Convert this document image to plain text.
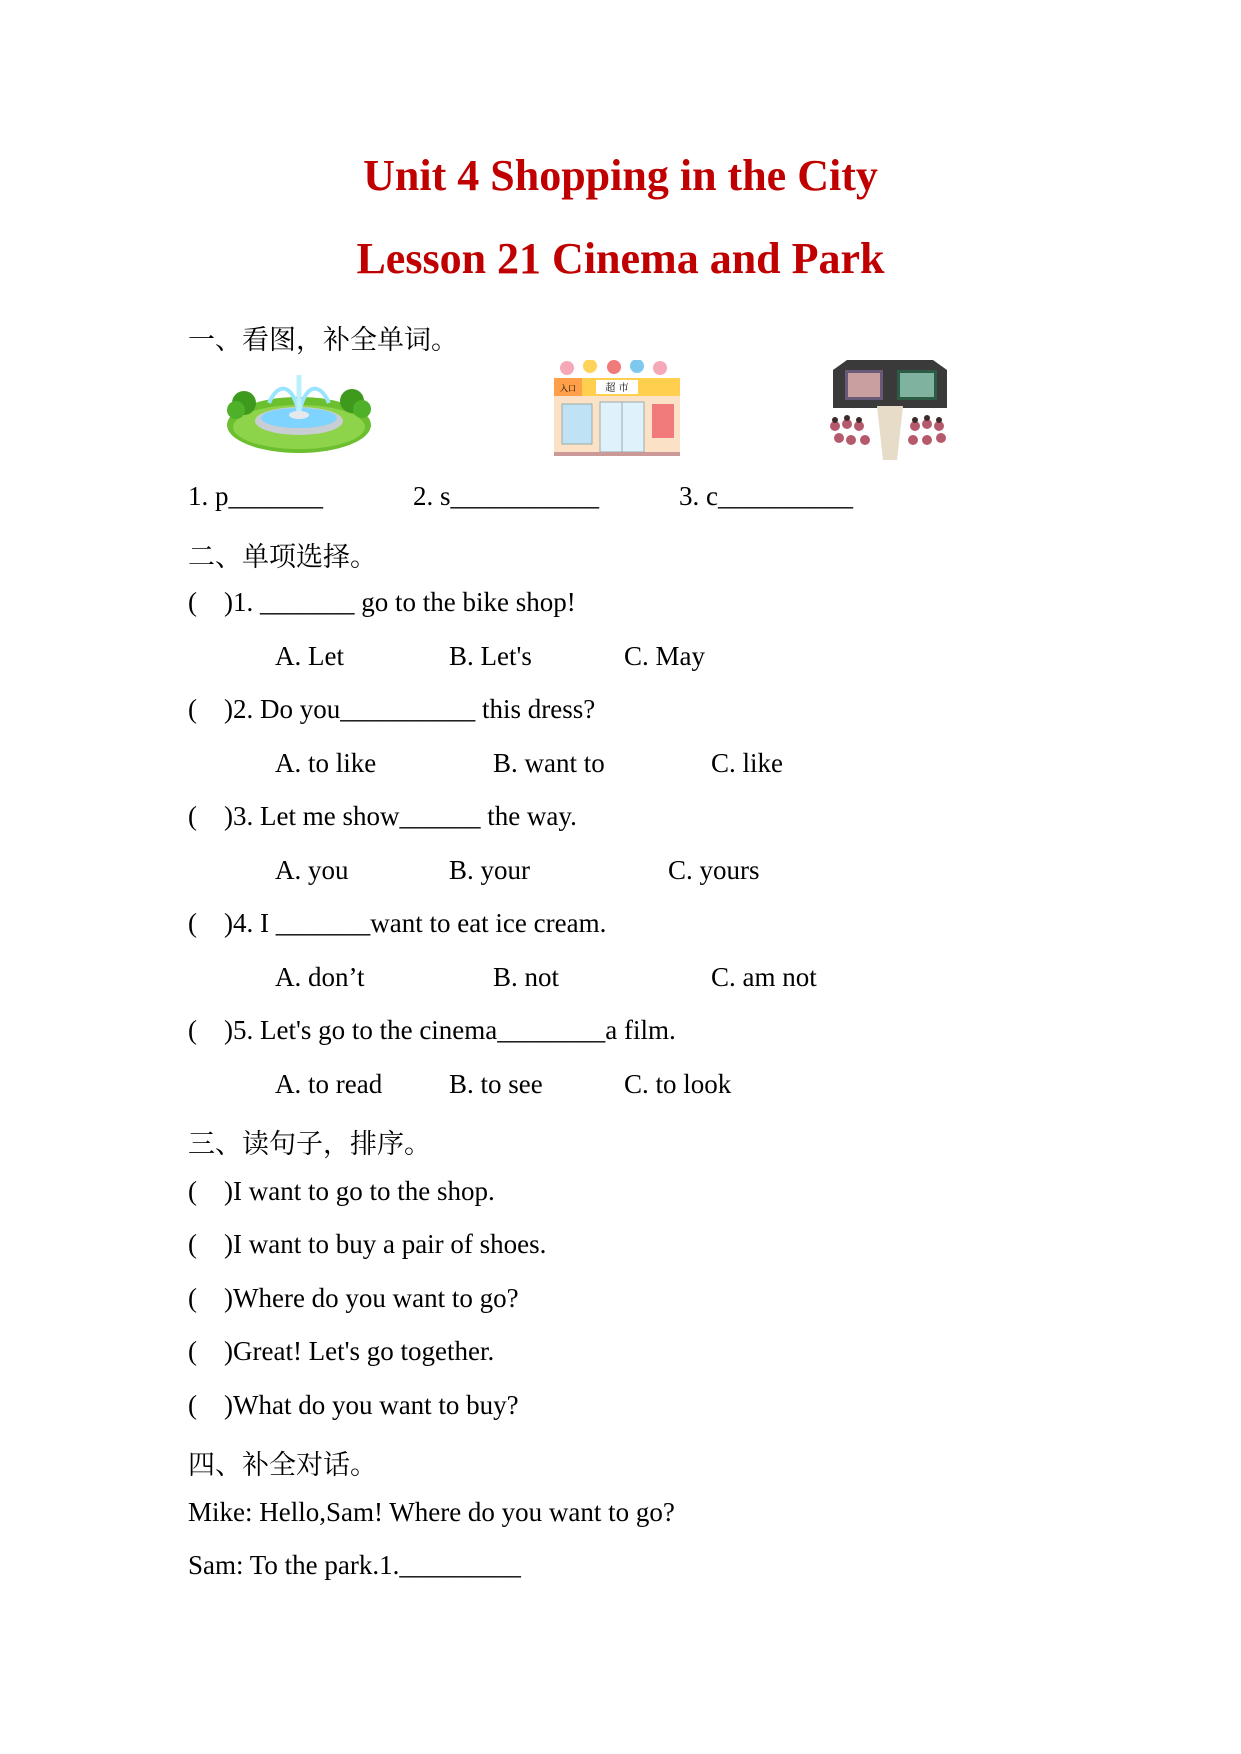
Unit 4 Shopping in the City
Lesson 21 Cinema and Park
一、看图，补全单词。
入口	超 市
1. p_______	2. s___________	3. c__________
二、单项选择。
(    )1. _______ go to the bike shop!
A. Let	B. Let's	C. May
(    )2. Do you__________ this dress?
A. to like	B. want to	C. like
(    )3. Let me show______ the way.
A. you	B. your	C. yours
(    )4. I _______want to eat ice cream.
A. don’t	B. not	C. am not
(    )5. Let's go to the cinema________a film.
A. to read B. to see	C. to look
三、读句子，排序。
(    )I want to go to the shop.
(    )I want to buy a pair of shoes.
(    )Where do you want to go?
(    )Great! Let's go together.
(    )What do you want to buy?
四、补全对话。
Mike: Hello,Sam! Where do you want to go?
Sam: To the park.1._________
